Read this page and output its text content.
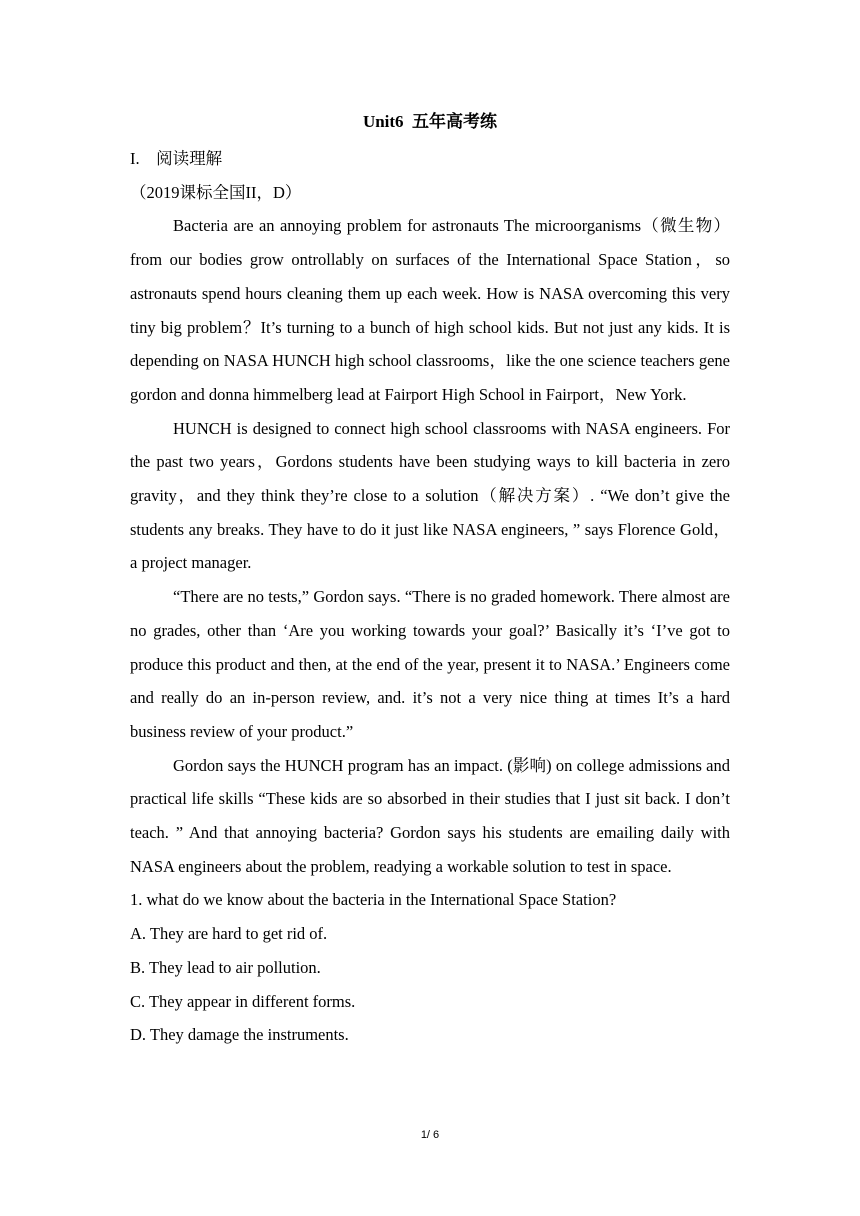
Unit6  五年高考练

I.    阅读理解

（2019课标全国II，D）

Bacteria are an annoying problem for astronauts The microorganisms（微生物）from our bodies grow ontrollably on surfaces of the International Space Station，so astronauts spend hours cleaning them up each week. How is NASA overcoming this very tiny big problem？It’s turning to a bunch of high school kids. But not just any kids. It is depending on NASA HUNCH high school classrooms，like the one science teachers gene gordon and donna himmelberg lead at Fairport High School in Fairport，New York.

HUNCH is designed to connect high school classrooms with NASA engineers. For the past two years，Gordons students have been studying ways to kill bacteria in zero gravity，and they think they’re close to a solution（解决方案）. “We don’t give the students any breaks. They have to do it just like NASA engineers, ” says Florence Gold，a project manager.

“There are no tests,” Gordon says. “There is no graded homework. There almost are no grades, other than ‘Are you working towards your goal?’ Basically it’s ‘I’ve got to produce this product and then, at the end of the year, present it to NASA.’ Engineers come and really do an in-person review, and. it’s not a very nice thing at times It’s a hard business review of your product.”

Gordon says the HUNCH program has an impact. (影响) on college admissions and practical life skills “These kids are so absorbed in their studies that I just sit back. I don’t teach. ” And that annoying bacteria? Gordon says his students are emailing daily with NASA engineers about the problem, readying a workable solution to test in space.

1. what do we know about the bacteria in the International Space Station?

A. They are hard to get rid of.

B. They lead to air pollution.

C. They appear in different forms.

D. They damage the instruments.

1/ 6
